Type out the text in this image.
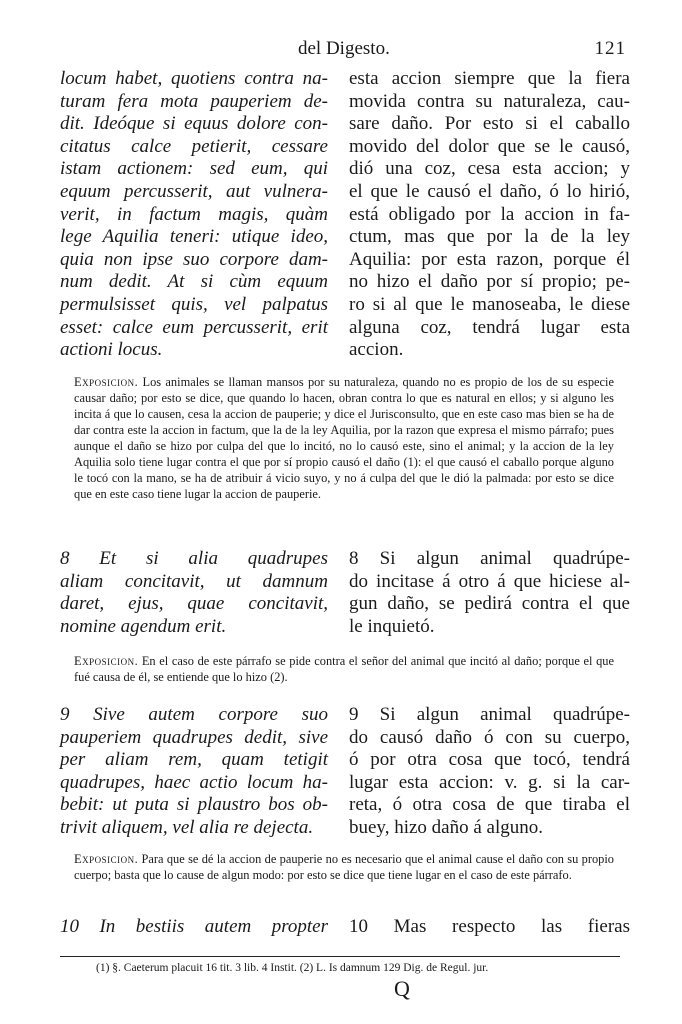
del Digesto.	121
locum habet, quotiens contra na-
turam fera mota pauperiem de-
dit. Ideóque si equus dolore con-
citatus calce petierit, cessare
istam actionem: sed eum, qui
equum percusserit, aut vulnera-
verit, in factum magis, quàm
lege Aquilia teneri: utique ideo,
quia non ipse suo corpore dam-
num dedit. At si cùm equum
permulsisset quis, vel palpatus
esset: calce eum percusserit, erit
actioni locus.
esta accion siempre que la fiera
movida contra su naturaleza, cau-
sare daño. Por esto si el caballo
movido del dolor que se le causó,
dió una coz, cesa esta accion; y
el que le causó el daño, ó lo hirió,
está obligado por la accion in fa-
ctum, mas que por la de la ley
Aquilia: por esta razon, porque él
no hizo el daño por sí propio; pe-
ro si al que le manoseaba, le diese
alguna coz, tendrá lugar esta
accion.
Exposicion. Los animales se llaman mansos por su naturaleza, quando no es propio de los de su especie causar daño; por esto se dice, que quando lo hacen, obran contra lo que es natural en ellos; y si alguno les incita á que lo causen, cesa la accion de pauperie; y dice el Jurisconsulto, que en este caso mas bien se ha de dar contra este la accion in factum, que la de la ley Aquilia, por la razon que expresa el mismo párrafo; pues aunque el daño se hizo por culpa del que lo incitó, no lo causó este, sino el animal; y la accion de la ley Aquilia solo tiene lugar contra el que por sí propio causó el daño (1): el que causó el caballo porque alguno le tocó con la mano, se ha de atribuir á vicio suyo, y no á culpa del que le dió la palmada: por esto se dice que en este caso tiene lugar la accion de pauperie.
8 Et si alia quadrupes
aliam concitavit, ut damnum
daret, ejus, quae concitavit,
nomine agendum erit.
8 Si algun animal quadrúpe-
do incitase á otro á que hiciese al-
gun daño, se pedirá contra el que
le inquietó.
Exposicion. En el caso de este párrafo se pide contra el señor del animal que incitó al daño; porque el que fué causa de él, se entiende que lo hizo (2).
9 Sive autem corpore suo
pauperiem quadrupes dedit, sive
per aliam rem, quam tetigit
quadrupes, haec actio locum ha-
bebit: ut puta si plaustro bos ob-
trivit aliquem, vel alia re dejecta.
9 Si algun animal quadrúpe-
do causó daño ó con su cuerpo,
ó por otra cosa que tocó, tendrá
lugar esta accion: v. g. si la car-
reta, ó otra cosa de que tiraba el
buey, hizo daño á alguno.
Exposicion. Para que se dé la accion de pauperie no es necesario que el animal cause el daño con su propio cuerpo; basta que lo cause de algun modo: por esto se dice que tiene lugar en el caso de este párrafo.
10 In bestiis autem propter 10 Mas respecto las fieras
(1) §. Caeterum placuit 16 tit. 3 lib. 4 Instit. (2) L. Is damnum 129 Dig. de Regul. jur.
Q
